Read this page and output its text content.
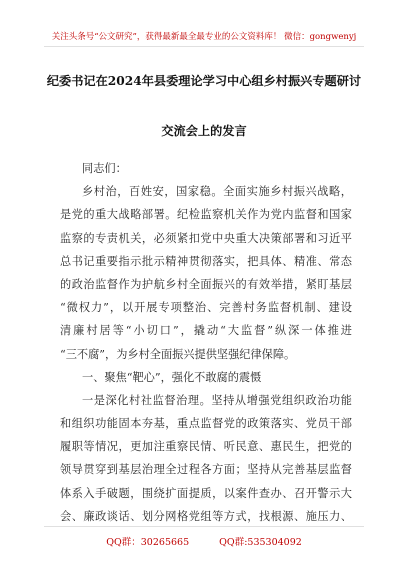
关注头条号“公文研究”，获得最新最全最专业的公文资料库！ 微信：gongwenyj
纪委书记在2024年县委理论学习中心组乡村振兴专题研讨
交流会上的发言
同志们：
乡村治，百姓安，国家稳。全面实施乡村振兴战略，
是党的重大战略部署。纪检监察机关作为党内监督和国家
监察的专责机关，必须紧扣党中央重大决策部署和习近平
总书记重要指示批示精神贯彻落实，把具体、精准、常态
的政治监督作为护航乡村全面振兴的有效举措，紧盯基层
“微权力”，以开展专项整治、完善村务监督机制、建设
清廉村居等“小切口”，撬动“大监督”纵深一体推进
“三不腐”，为乡村全面振兴提供坚强纪律保障。
一、聚焦“靶心”，强化不敢腐的震慑
一是深化村社监督治理。坚持从增强党组织政治功能
和组织功能固本夯基，重点监督党的政策落实、党员干部
履职等情况，更加注重察民情、听民意、惠民生，把党的
领导贯穿到基层治理全过程各方面；坚持从完善基层监督
体系入手破题，围绕扩面提质，以案件查办、召开警示大
会、廉政谈话、划分网格党组等方式，找根源、施压力、
QQ群：30265665	QQ群:535304092
